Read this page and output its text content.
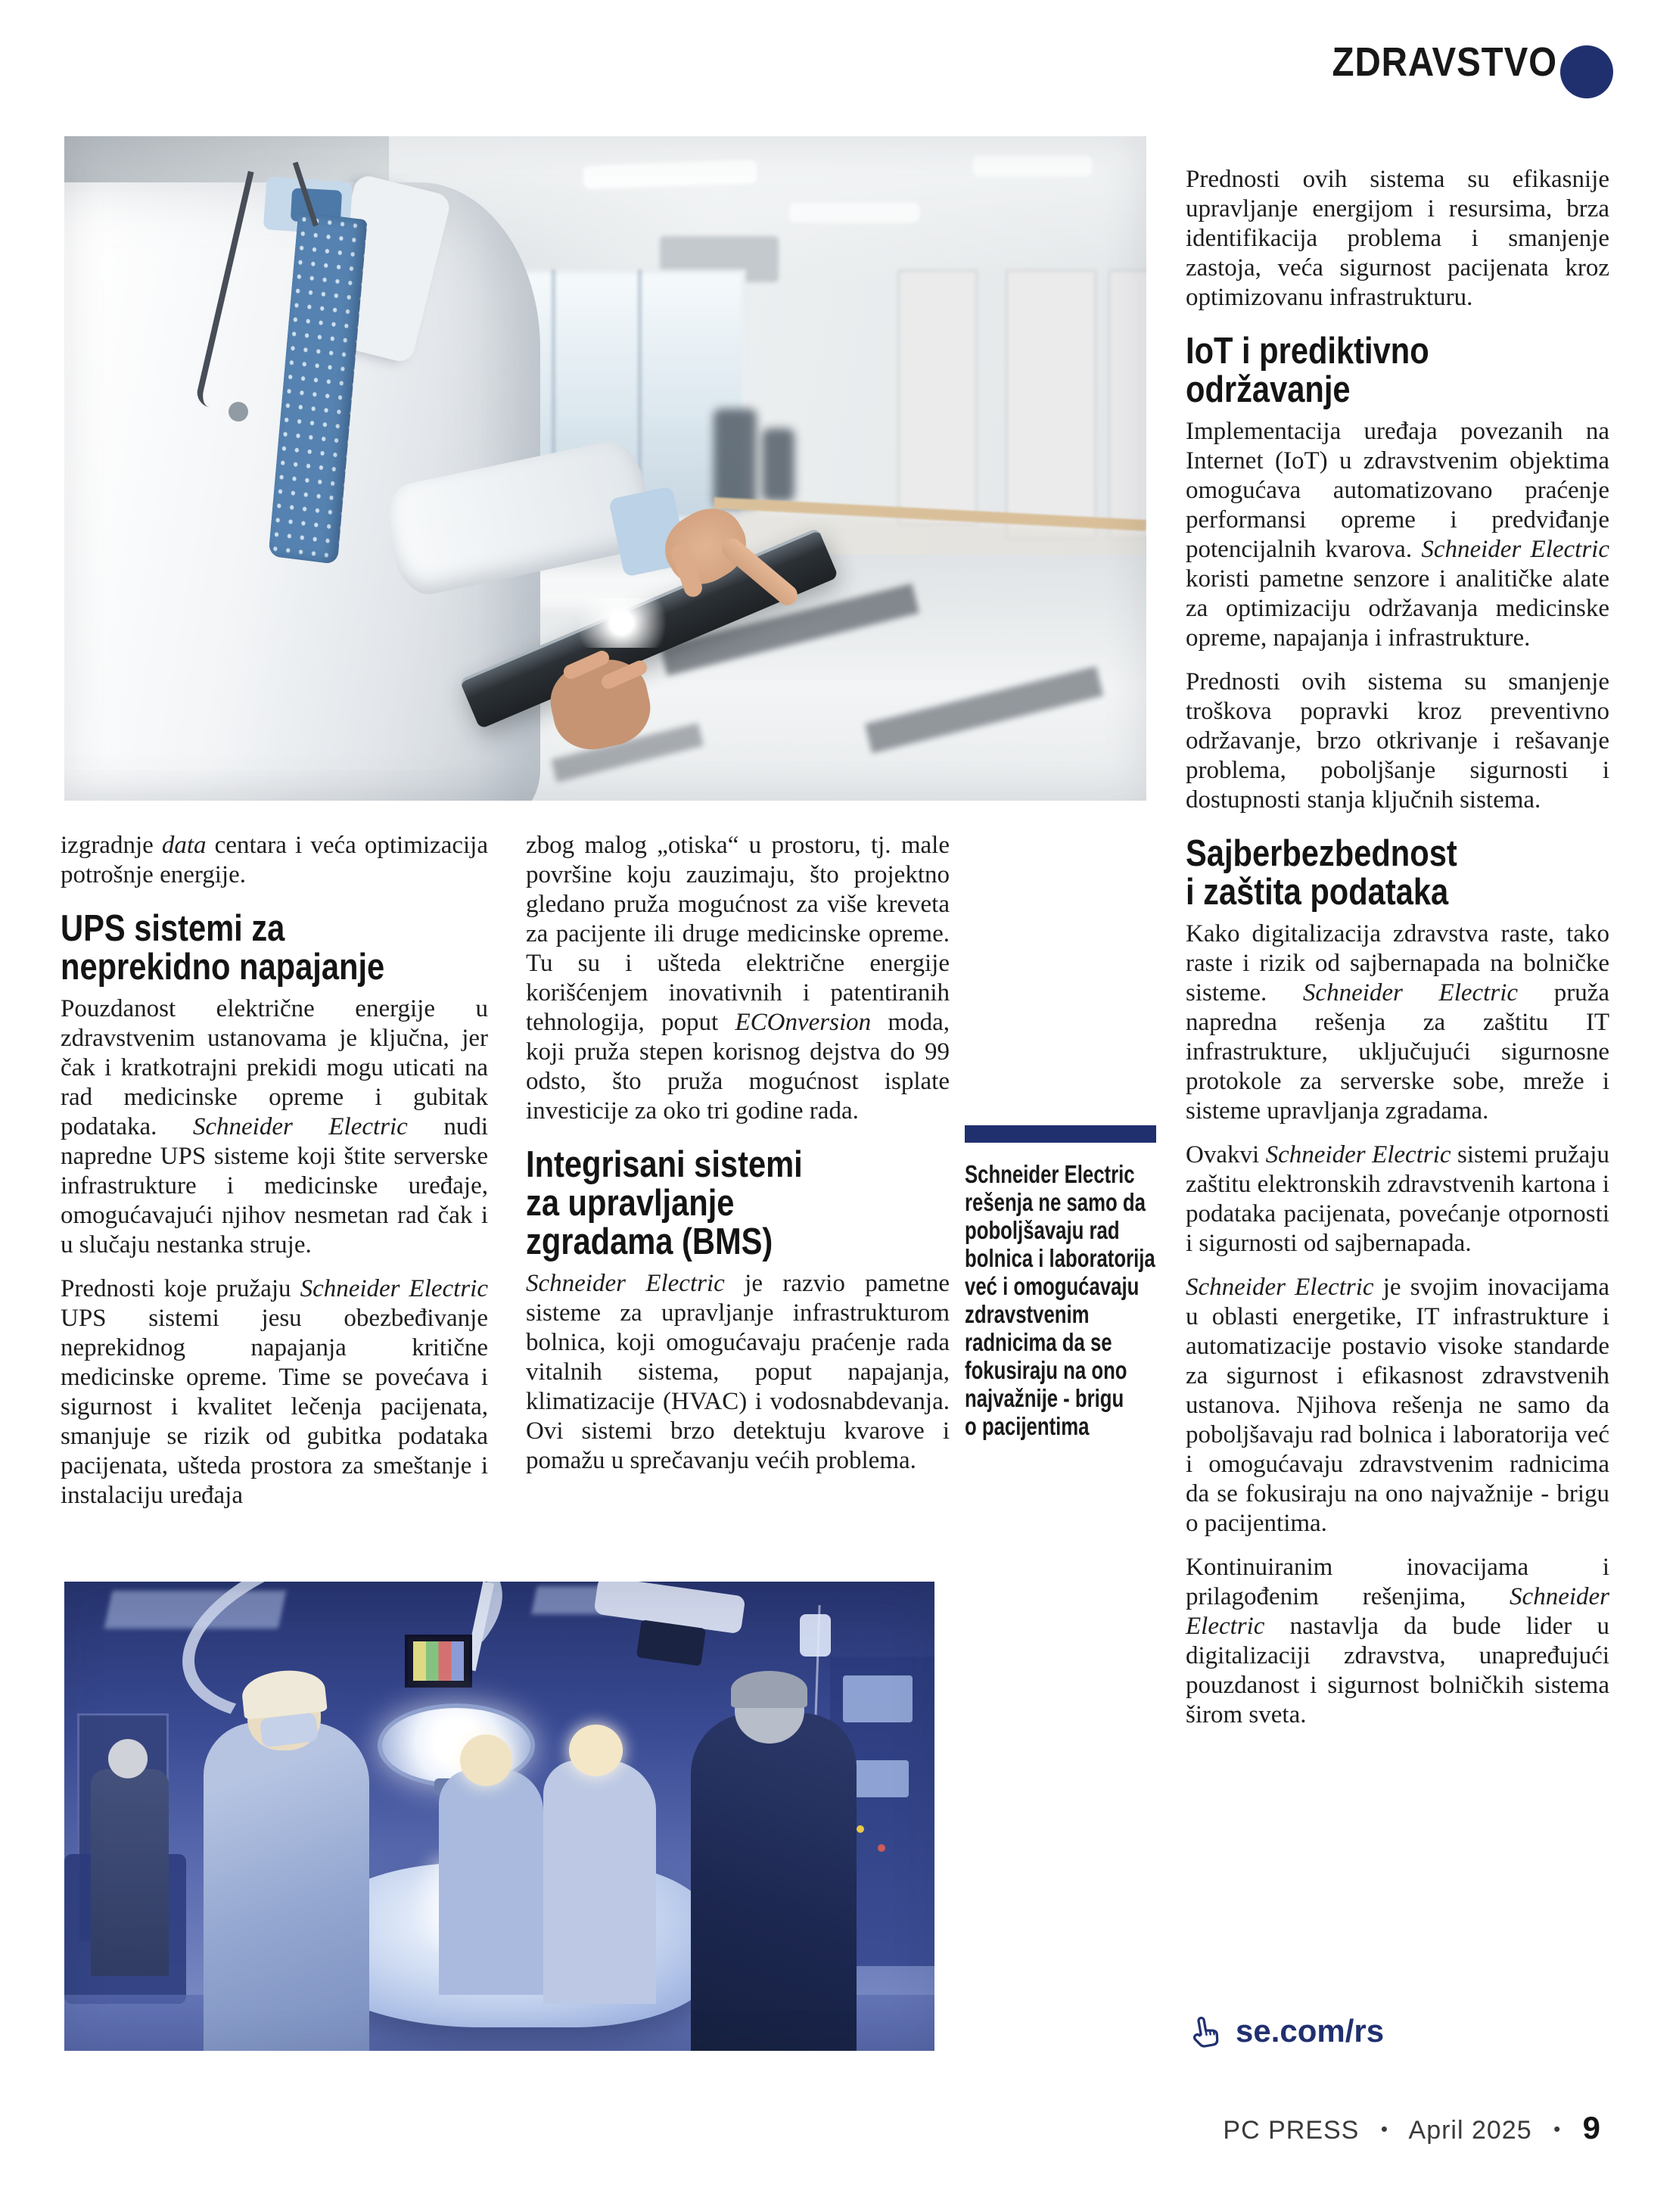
ZDRAVSTVO

izgradnje data centara i veća optimizacija potrošnje energije.

UPS sistemi za
neprekidno napajanje

Pouzdanost električne energije u zdravstvenim ustanovama je ključna, jer čak i kratkotrajni prekidi mogu uticati na rad medicinske opreme i gubitak podataka. Schneider Electric nudi napredne UPS sisteme koji štite serverske infrastrukture i medicinske uređaje, omogućavajući njihov nesmetan rad čak i u slučaju nestanka struje.

Prednosti koje pružaju Schneider Electric UPS sistemi jesu obezbeđivanje neprekidnog napajanja kritične medicinske opreme. Time se povećava i sigurnost i kvalitet lečenja pacijenata, smanjuje se rizik od gubitka podataka pacijenata, ušteda prostora za smeštanje i instalaciju uređaja

zbog malog „otiska“ u prostoru, tj. male površine koju zauzimaju, što projektno gledano pruža mogućnost za više kreveta za pacijente ili druge medicinske opreme. Tu su i ušteda električne energije korišćenjem inovativnih i patentiranih tehnologija, poput ECOnversion moda, koji pruža stepen korisnog dejstva do 99 odsto, što pruža mogućnost isplate investicije za oko tri godine rada.

Integrisani sistemi
za upravljanje
zgradama (BMS)

Schneider Electric je razvio pametne sisteme za upravljanje infrastrukturom bolnica, koji omogućavaju praćenje rada vitalnih sistema, poput napajanja, klimatizacije (HVAC) i vodosnabdevanja. Ovi sistemi brzo detektuju kvarove i pomažu u sprečavanju većih problema.

Prednosti ovih sistema su efikasnije upravljanje energijom i resursima, brza identifikacija problema i smanjenje zastoja, veća sigurnost pacijenata kroz optimizovanu infrastrukturu.

IoT i prediktivno
održavanje

Implementacija uređaja povezanih na Internet (IoT) u zdravstvenim objektima omogućava automatizovano praćenje performansi opreme i predviđanje potencijalnih kvarova. Schneider Electric koristi pametne senzore i analitičke alate za optimizaciju održavanja medicinske opreme, napajanja i infrastrukture.

Prednosti ovih sistema su smanjenje troškova popravki kroz preventivno održavanje, brzo otkrivanje i rešavanje problema, poboljšanje sigurnosti i dostupnosti stanja ključnih sistema.

Sajberbezbednost
i zaštita podataka

Kako digitalizacija zdravstva raste, tako raste i rizik od sajbernapada na bolničke sisteme. Schneider Electric pruža napredna rešenja za zaštitu IT infrastrukture, uključujući sigurnosne protokole za serverske sobe, mreže i sisteme upravljanja zgradama.

Ovakvi Schneider Electric sistemi pružaju zaštitu elektronskih zdravstvenih kartona i podataka pacijenata, povećanje otpornosti i sigurnosti od sajbernapada.

Schneider Electric je svojim inovacijama u oblasti energetike, IT infrastrukture i automatizacije postavio visoke standarde za sigurnost i efikasnost zdravstvenih ustanova. Njihova rešenja ne samo da poboljšavaju rad bolnica i laboratorija već i omogućavaju zdravstvenim radnicima da se fokusiraju na ono najvažnije - brigu o pacijentima.

Kontinuiranim inovacijama i prilagođenim rešenjima, Schneider Electric nastavlja da bude lider u digitalizaciji zdravstva, unapređujući pouzdanost i sigurnost bolničkih sistema širom sveta.

Schneider Electric
rešenja ne samo da
poboljšavaju rad
bolnica i laboratorija
već i omogućavaju
zdravstvenim
radnicima da se
fokusiraju na ono
najvažnije - brigu
o pacijentima
se.com/rs
PC PRESS • April 2025 • 9
